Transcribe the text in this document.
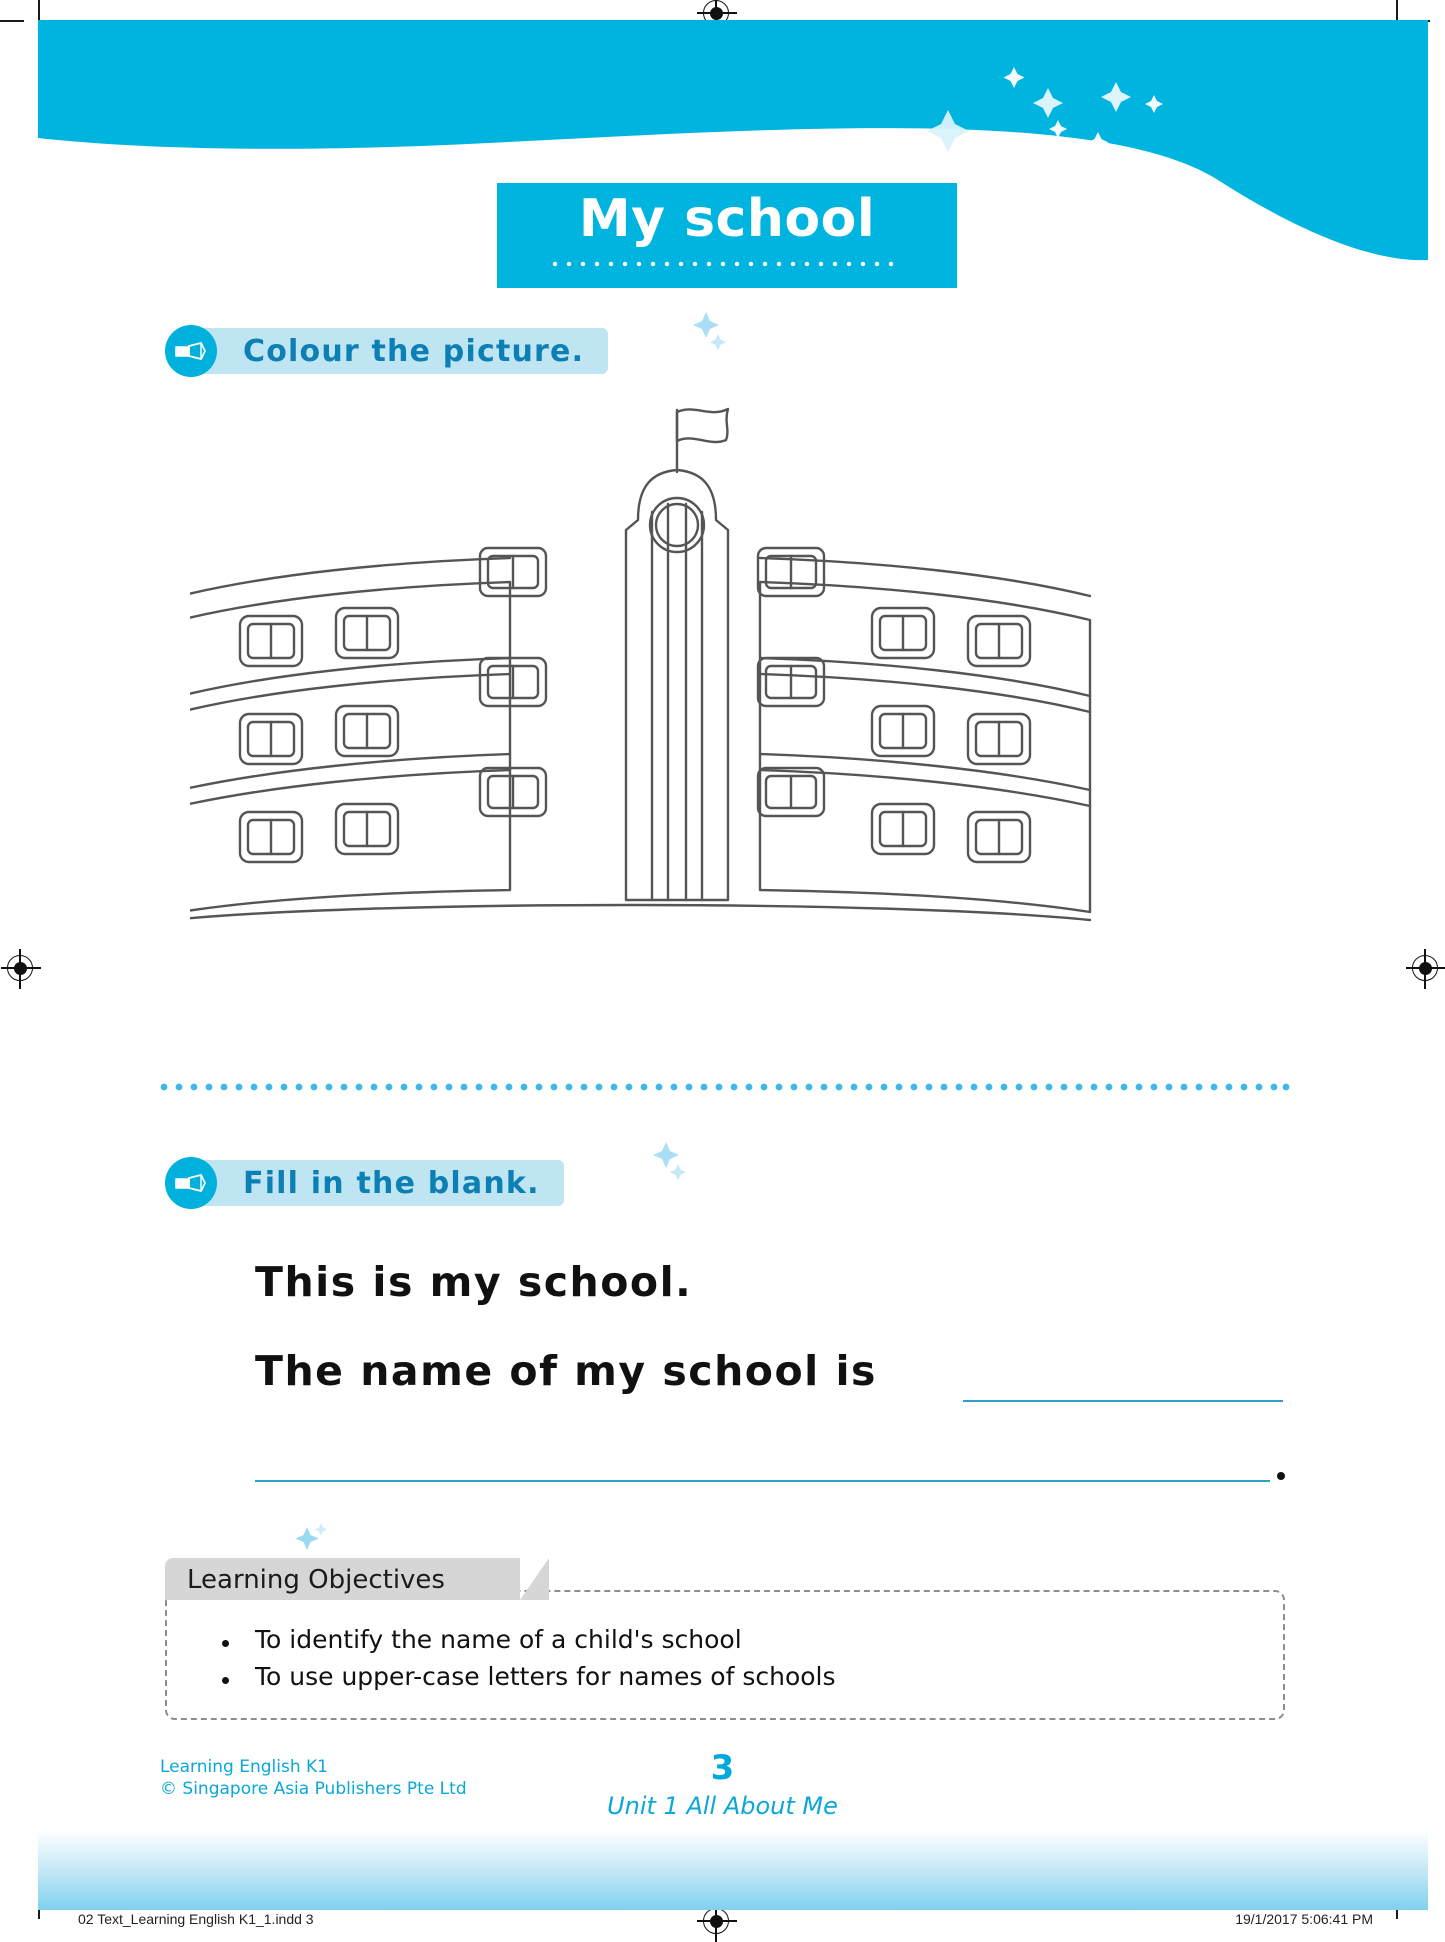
My school
Colour the picture.
Fill in the blank.
This is my school.
The name of my school is
Learning Objectives
To identify the name of a child's school
To use upper-case letters for names of schools
Learning English K1
© Singapore Asia Publishers Pte Ltd
3
Unit 1 All About Me
02 Text_Learning English K1_1.indd 3	19/1/2017 5:06:41 PM
